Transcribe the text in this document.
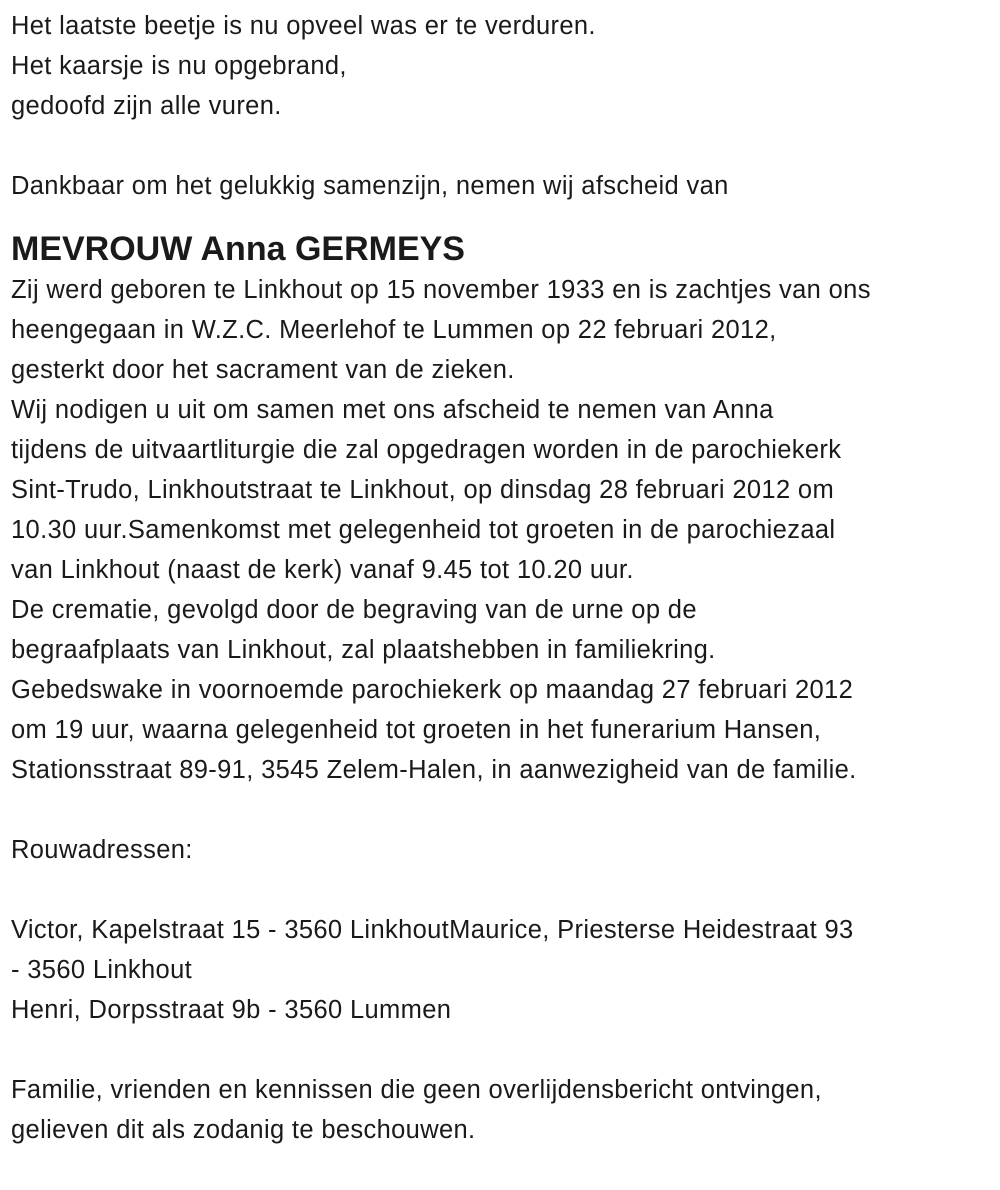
Het laatste beetje is nu opveel was er te verduren.
Het kaarsje is nu opgebrand,
gedoofd zijn alle vuren.
Dankbaar om het gelukkig samenzijn, nemen wij afscheid van
MEVROUW Anna GERMEYS
Zij werd geboren te Linkhout op 15 november 1933 en is zachtjes van ons
heengegaan in W.Z.C. Meerlehof te Lummen op 22 februari 2012,
gesterkt door het sacrament van de zieken.
Wij nodigen u uit om samen met ons afscheid te nemen van Anna
tijdens de uitvaartliturgie die zal opgedragen worden in de parochiekerk
Sint-Trudo, Linkhoutstraat te Linkhout, op dinsdag 28 februari 2012 om
10.30 uur.Samenkomst met gelegenheid tot groeten in de parochiezaal
van Linkhout (naast de kerk) vanaf 9.45 tot 10.20 uur.
De crematie, gevolgd door de begraving van de urne op de
begraafplaats van Linkhout, zal plaatshebben in familiekring.
Gebedswake in voornoemde parochiekerk op maandag 27 februari 2012
om 19 uur, waarna gelegenheid tot groeten in het funerarium Hansen,
Stationsstraat 89-91, 3545 Zelem-Halen, in aanwezigheid van de familie.
Rouwadressen:
Victor, Kapelstraat 15 - 3560 LinkhoutMaurice, Priesterse Heidestraat 93
- 3560 Linkhout
Henri, Dorpsstraat 9b - 3560 Lummen
Familie, vrienden en kennissen die geen overlijdensbericht ontvingen,
gelieven dit als zodanig te beschouwen.
